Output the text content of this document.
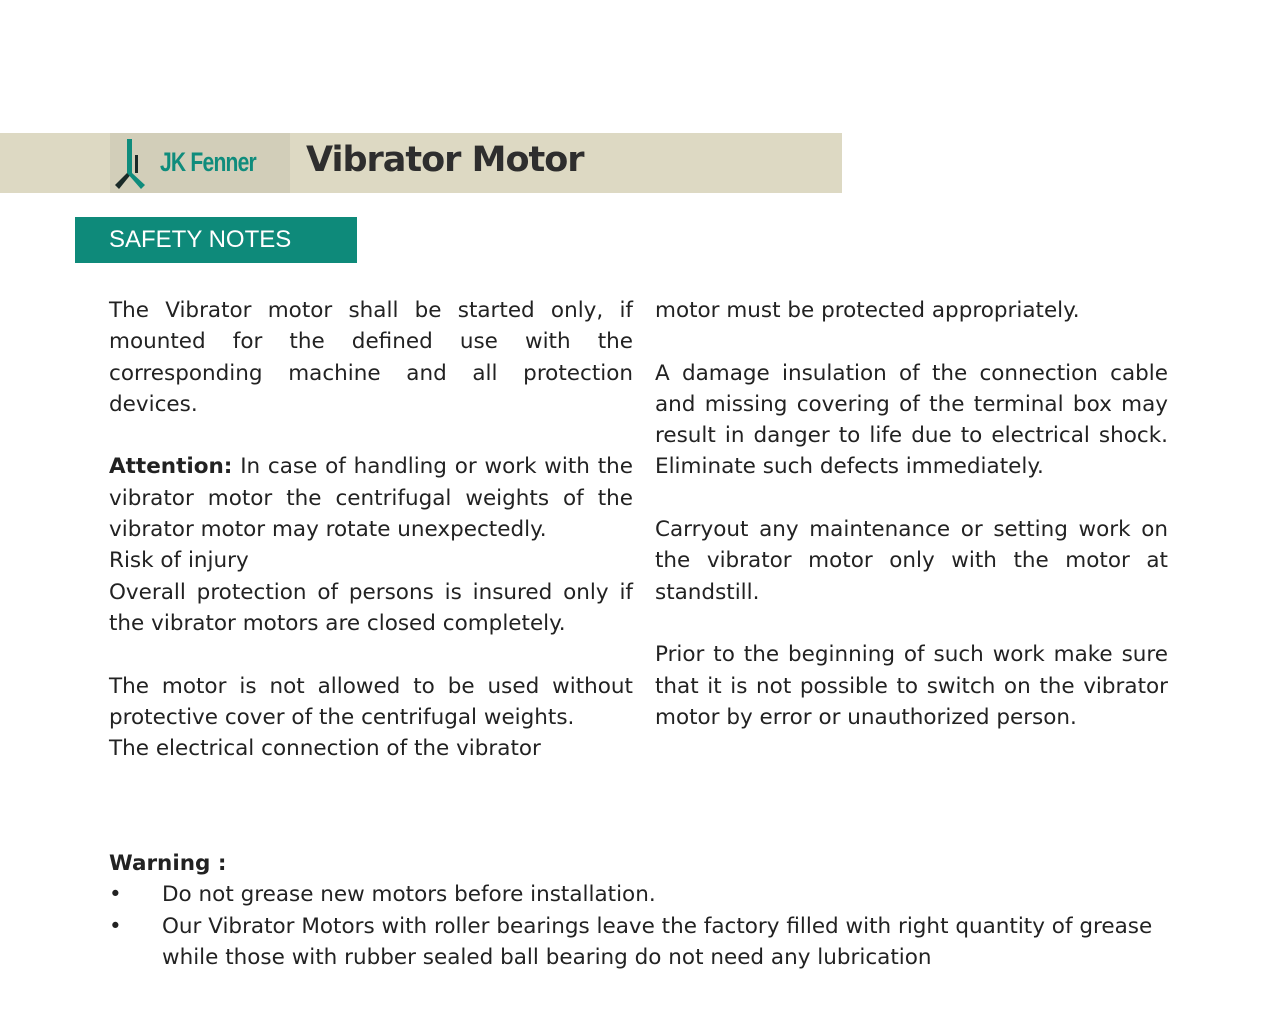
JK Fenner Vibrator Motor
SAFETY NOTES

The Vibrator motor shall be started only, if mounted for the defined use with the corresponding machine and all protection devices.

Attention: In case of handling or work with the vibrator motor the centrifugal weights of the vibrator motor may rotate unexpectedly.

Risk of injury

Overall protection of persons is insured only if the vibrator motors are closed completely.

The motor is not allowed to be used without protective cover of the centrifugal weights.

The electrical connection of the vibrator

motor must be protected appropriately.

A damage insulation of the connection cable and missing covering of the terminal box may result in danger to life due to electrical shock. Eliminate such defects immediately.

Carryout any maintenance or setting work on the vibrator motor only with the motor at standstill.

Prior to the beginning of such work make sure that it is not possible to switch on the vibrator motor by error or unauthorized person.

Warning :
• Do not grease new motors before installation.
• Our Vibrator Motors with roller bearings leave the factory filled with right quantity of grease while those with rubber sealed ball bearing do not need any lubrication
